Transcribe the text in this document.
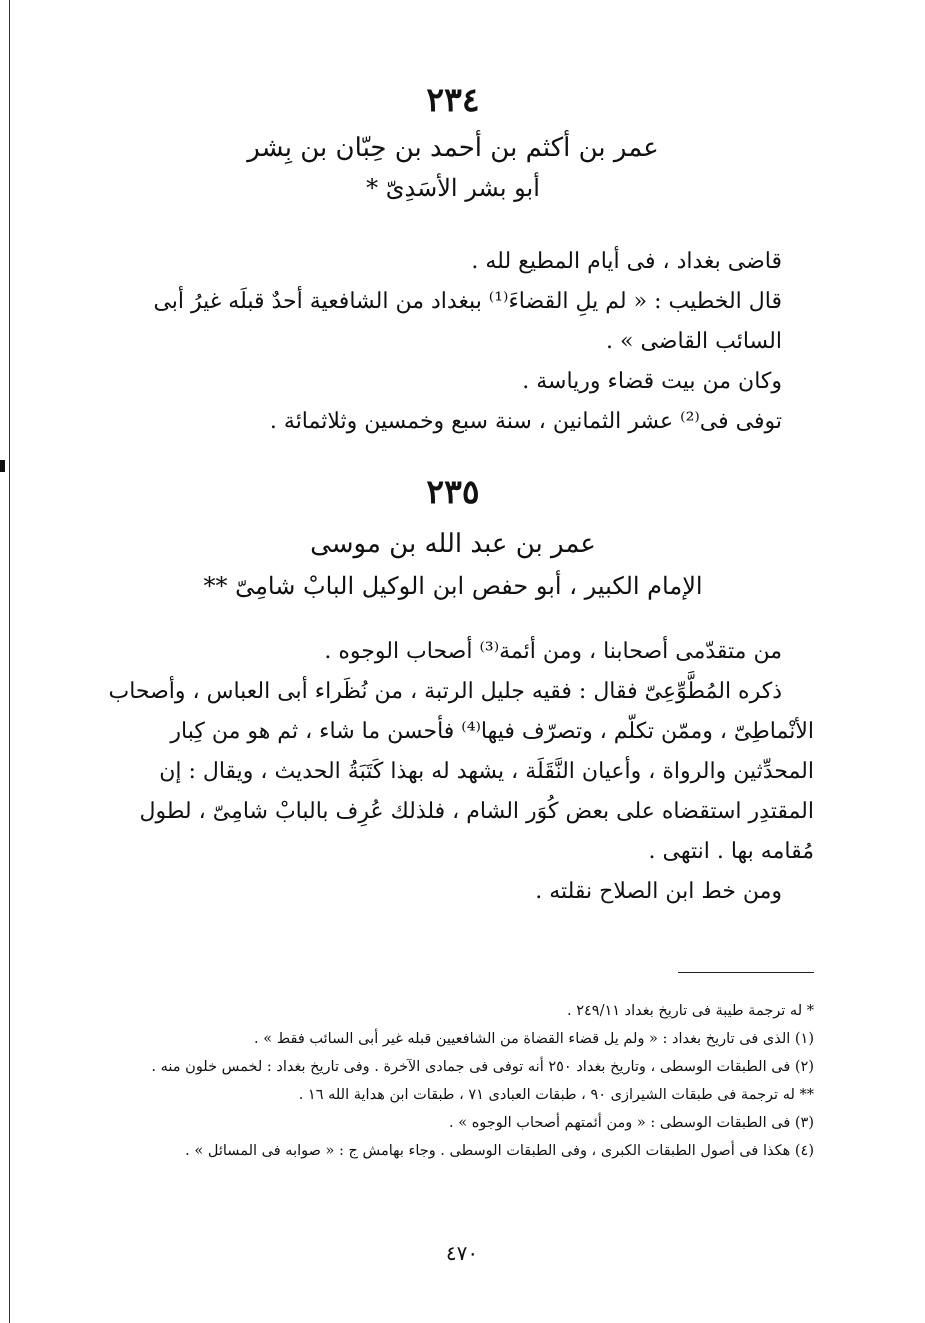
٢٣٤
عمر بن أكثم بن أحمد بن حِبّان بن بِشر
أبو بشر الأسَدِىّ *

قاضى بغداد ، فى أيام المطيع لله .

قال الخطيب : « لم يلِ القضاءَ⁽¹⁾ ببغداد من الشافعية أحدٌ قبلَه غيرُ أبى السائب القاضى » .

وكان من بيت قضاء ورياسة .

توفى فى⁽²⁾ عشر الثمانين ، سنة سبع وخمسين وثلاثمائة .

٢٣٥
عمر بن عبد الله بن موسى
الإمام الكبير ، أبو حفص ابن الوكيل البابْ شامِىّ **

من متقدّمى أصحابنا ، ومن أئمة⁽³⁾ أصحاب الوجوه .

ذكره المُطَّوِّعِىّ فقال : فقيه جليل الرتبة ، من نُظَراء أبى العباس ، وأصحاب الأنْماطِىّ ، وممّن تكلّم ، وتصرّف فيها⁽⁴⁾ فأحسن ما شاء ، ثم هو من كِبار المحدِّثين والرواة ، وأعيان النَّقَلَة ، يشهد له بهذا كَتَبَةُ الحديث ، ويقال : إن المقتدِر استقضاه على بعض كُوَر الشام ، فلذلك عُرِف بالبابْ شامِىّ ، لطول مُقامه بها . انتهى .

ومن خط ابن الصلاح نقلته .

* له ترجمة طيبة فى تاريخ بغداد ٢٤٩/١١ .

(١) الذى فى تاريخ بغداد : « ولم يل قضاء القضاة من الشافعيين قبله غير أبى السائب فقط » .

(٢) فى الطبقات الوسطى ، وتاريخ بغداد ٢٥٠ أنه توفى فى جمادى الآخرة . وفى تاريخ بغداد : لخمس خلون منه .

** له ترجمة فى طبقات الشيرازى ٩٠ ، طبقات العبادى ٧١ ، طبقات ابن هداية الله ١٦ .

(٣) فى الطبقات الوسطى : « ومن أئمتهم أصحاب الوجوه » .

(٤) هكذا فى أصول الطبقات الكبرى ، وفى الطبقات الوسطى . وجاء بهامش ج : « صوابه فى المسائل » .

٤٧٠
